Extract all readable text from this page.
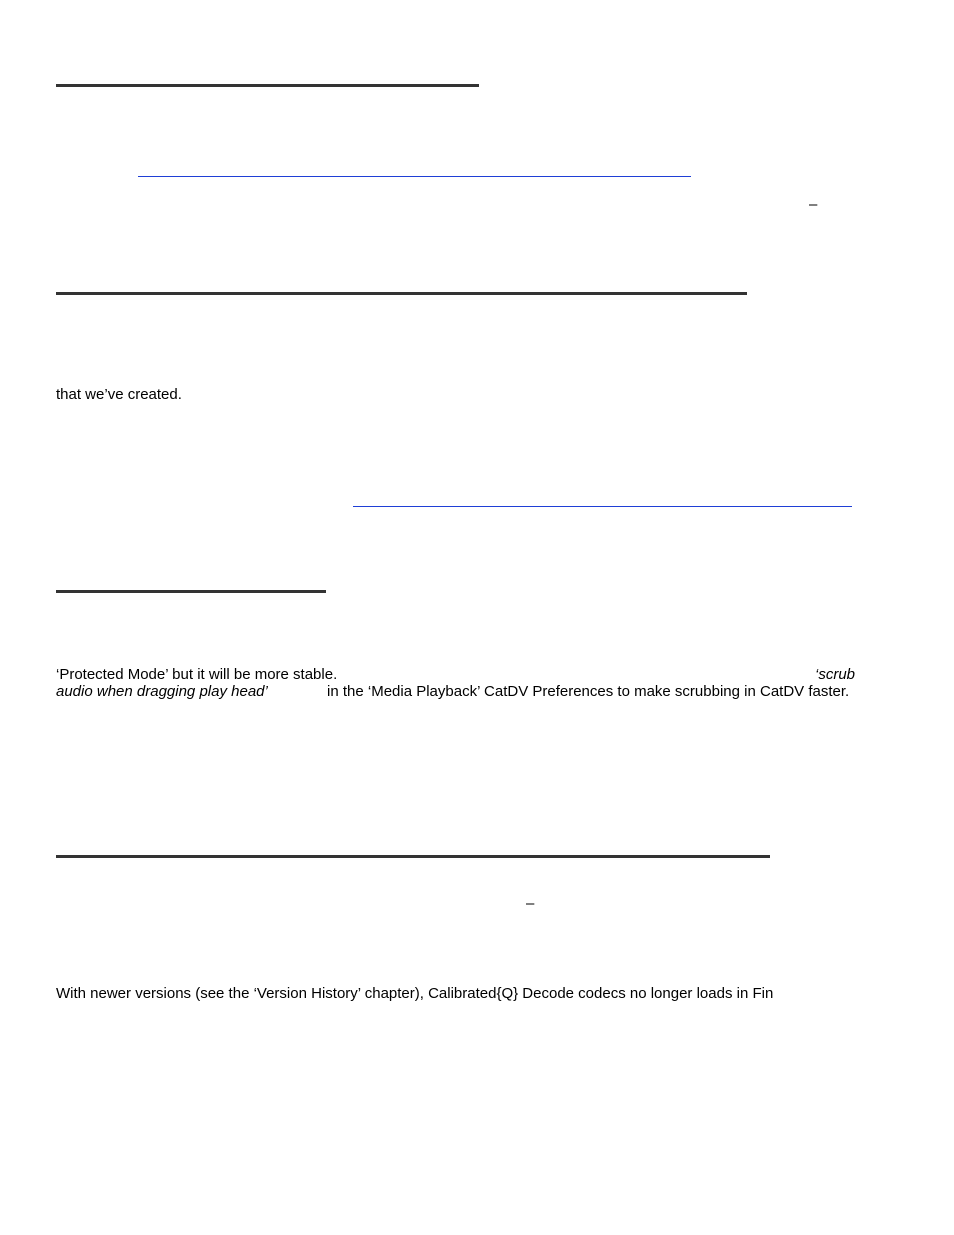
–
that we’ve created.
‘Protected Mode’ but it will be more stable.	‘scrub
audio when dragging play head’	in the ‘Media Playback’ CatDV Preferences to make scrubbing in CatDV faster.
–
With newer versions (see the ‘Version History’ chapter), Calibrated{Q} Decode codecs no longer loads in Fin
